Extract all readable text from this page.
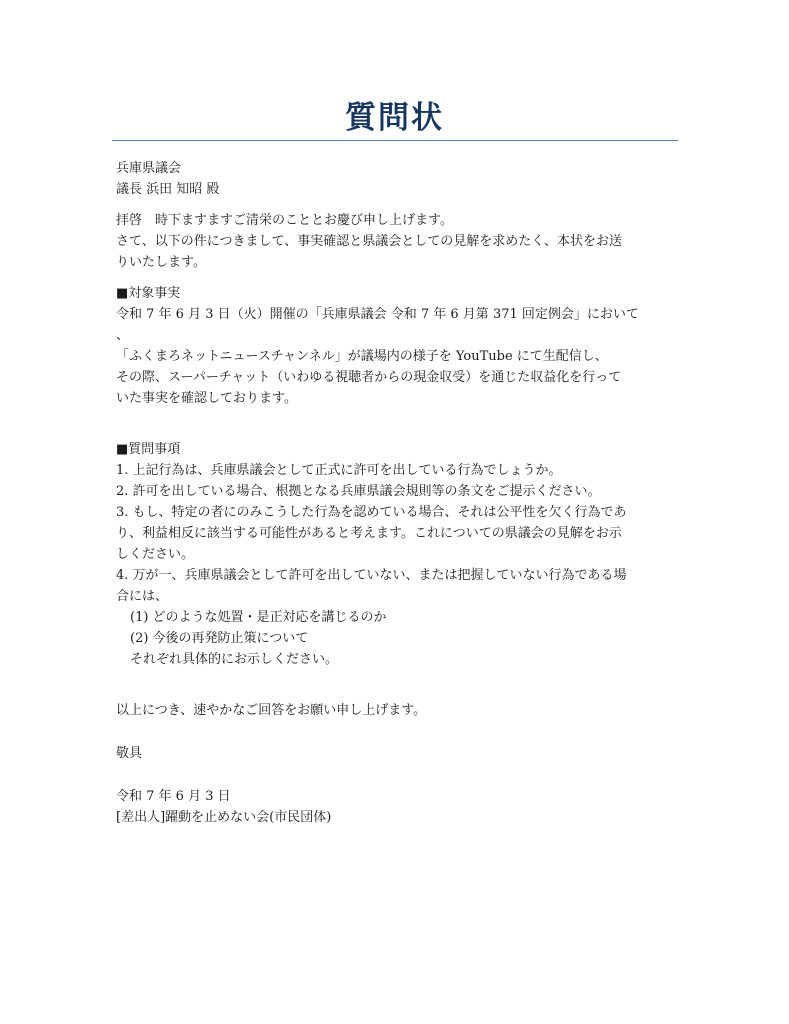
質問状
兵庫県議会
議長 浜田 知昭 殿
拝啓　時下ますますご清栄のこととお慶び申し上げます。
さて、以下の件につきまして、事実確認と県議会としての見解を求めたく、本状をお送
りいたします。
■対象事実
令和 7 年 6 月 3 日（火）開催の「兵庫県議会 令和 7 年 6 月第 371 回定例会」において
、
「ふくまろネットニュースチャンネル」が議場内の様子を YouTube にて生配信し、
その際、スーパーチャット（いわゆる視聴者からの現金収受）を通じた収益化を行って
いた事実を確認しております。
■質問事項
1. 上記行為は、兵庫県議会として正式に許可を出している行為でしょうか。
2. 許可を出している場合、根拠となる兵庫県議会規則等の条文をご提示ください。
3. もし、特定の者にのみこうした行為を認めている場合、それは公平性を欠く行為であ
り、利益相反に該当する可能性があると考えます。これについての県議会の見解をお示
しください。
4. 万が一、兵庫県議会として許可を出していない、または把握していない行為である場
合には、
(1) どのような処置・是正対応を講じるのか
(2) 今後の再発防止策について
それぞれ具体的にお示しください。
以上につき、速やかなご回答をお願い申し上げます。
敬具
令和 7 年 6 月 3 日
[差出人]躍動を止めない会(市民団体)
